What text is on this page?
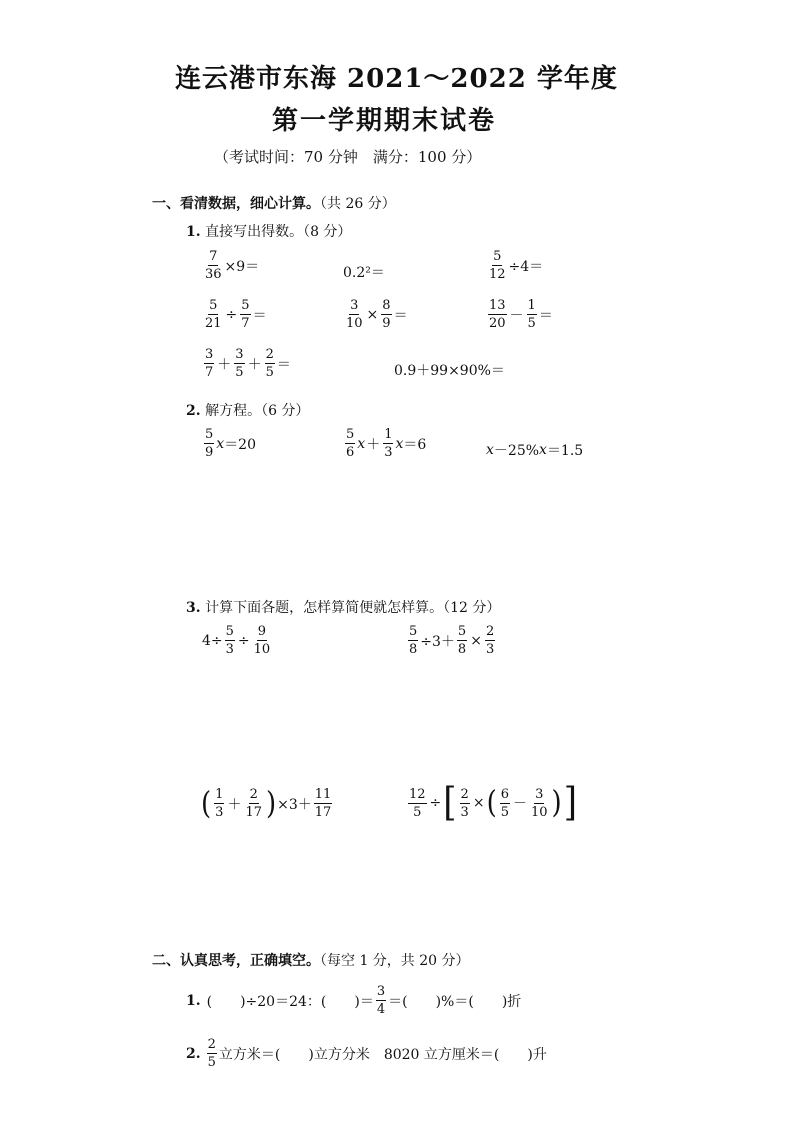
连云港市东海 2021～2022 学年度
第一学期期末试卷
（考试时间：70 分钟　满分：100 分）
一、看清数据，细心计算。（共 26 分）
1. 直接写出得数。（8 分）
$\frac{7}{36} \times 9=$	0.2²＝	$\frac{5}{12} \div 4=$
$\frac{5}{21} \div \frac{5}{7}$ ＝	$\frac{3}{10} \times \frac{8}{9}$ ＝	$\frac{13}{20} - \frac{1}{5}$ ＝
$\frac{3}{7} + \frac{3}{5} + \frac{2}{5}$ ＝	0.9＋99×90%＝
2. 解方程。（6 分）
$\frac{5}{9}$ x ＝20	$\frac{5}{6}$ $x + \frac{1}{3}$ x ＝6	x －25% x ＝1.5
3. 计算下面各题，怎样算简便就怎样算。（12 分）
$4\div \frac{5}{3} \div \frac{9}{10}$	$\frac{5}{8} \div 3+ \frac{5}{8} \times \frac{2}{3}$
( $\frac{1}{3} + \frac{2}{17}$ ) $\times 3+ \frac{11}{17}$	$\frac{12}{5}$ ÷ [ $\frac{2}{3}$ × ( $\frac{6}{5} - \frac{3}{10}$ ) ]
二、认真思考，正确填空。（每空 1 分，共 20 分）
1. (　　)÷20＝24：(　　)＝ $\frac{3}{4}$ ＝(　　)%＝(　　)折
2. $\frac{2}{5}$ 立方米＝(　　)立方分米　8020 立方厘米＝(　　)升
